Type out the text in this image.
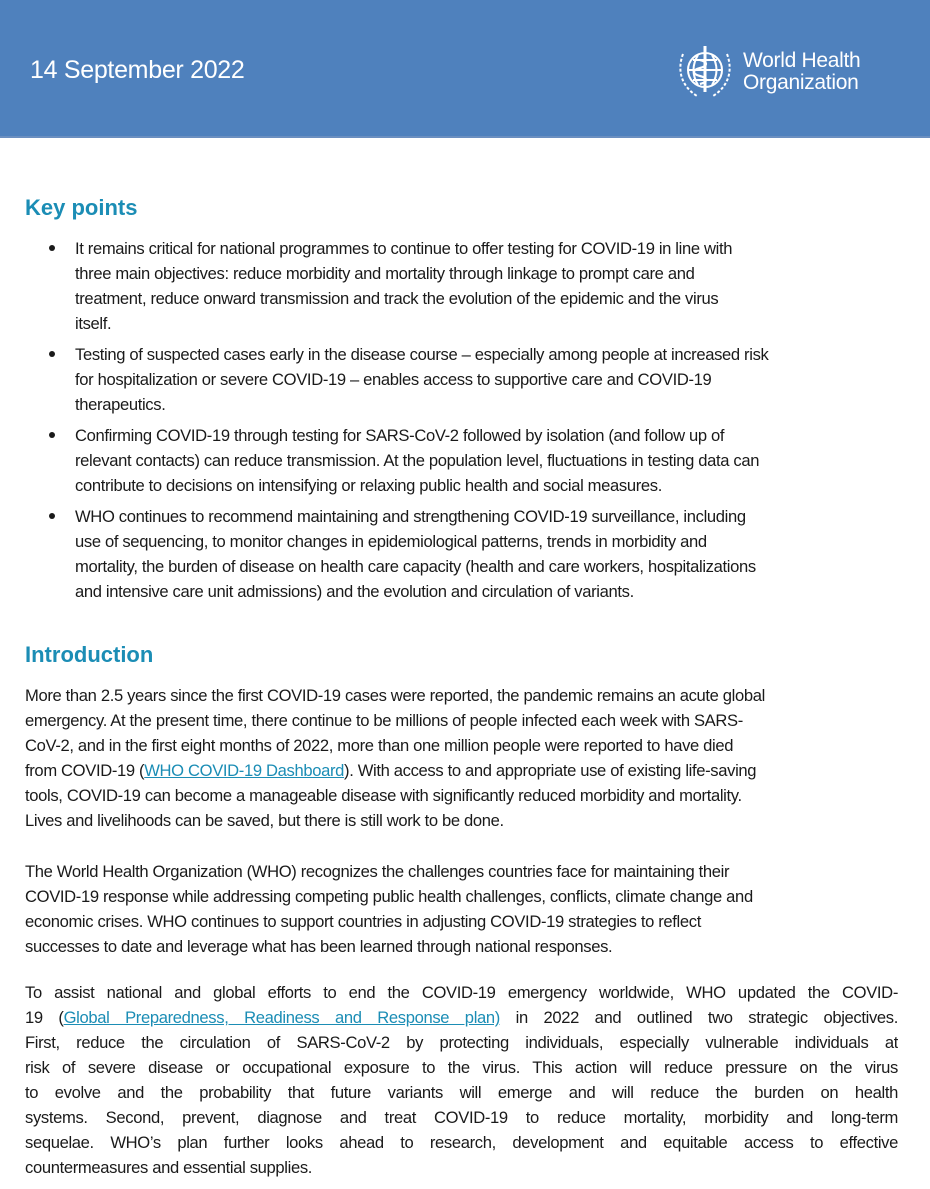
14 September 2022	World Health
Organization
Key points
It remains critical for national programmes to continue to offer testing for COVID-19 in line with
three main objectives: reduce morbidity and mortality through linkage to prompt care and
treatment, reduce onward transmission and track the evolution of the epidemic and the virus
itself.
Testing of suspected cases early in the disease course – especially among people at increased risk
for hospitalization or severe COVID-19 – enables access to supportive care and COVID-19
therapeutics.
Confirming COVID-19 through testing for SARS-CoV-2 followed by isolation (and follow up of
relevant contacts) can reduce transmission. At the population level, fluctuations in testing data can
contribute to decisions on intensifying or relaxing public health and social measures.
WHO continues to recommend maintaining and strengthening COVID-19 surveillance, including
use of sequencing, to monitor changes in epidemiological patterns, trends in morbidity and
mortality, the burden of disease on health care capacity (health and care workers, hospitalizations
and intensive care unit admissions) and the evolution and circulation of variants.
Introduction
More than 2.5 years since the first COVID-19 cases were reported, the pandemic remains an acute global
emergency. At the present time, there continue to be millions of people infected each week with SARS-
CoV-2, and in the first eight months of 2022, more than one million people were reported to have died
from COVID-19 (WHO COVID-19 Dashboard). With access to and appropriate use of existing life-saving
tools, COVID-19 can become a manageable disease with significantly reduced morbidity and mortality.
Lives and livelihoods can be saved, but there is still work to be done.
The World Health Organization (WHO) recognizes the challenges countries face for maintaining their
COVID-19 response while addressing competing public health challenges, conflicts, climate change and
economic crises. WHO continues to support countries in adjusting COVID-19 strategies to reflect
successes to date and leverage what has been learned through national responses.
To assist national and global efforts to end the COVID-19 emergency worldwide, WHO updated the COVID-
19 (Global Preparedness, Readiness and Response plan) in 2022 and outlined two strategic objectives.
First, reduce the circulation of SARS-CoV-2 by protecting individuals, especially vulnerable individuals at
risk of severe disease or occupational exposure to the virus. This action will reduce pressure on the virus
to evolve and the probability that future variants will emerge and will reduce the burden on health
systems. Second, prevent, diagnose and treat COVID-19 to reduce mortality, morbidity and long-term
sequelae. WHO’s plan further looks ahead to research, development and equitable access to effective
countermeasures and essential supplies.
